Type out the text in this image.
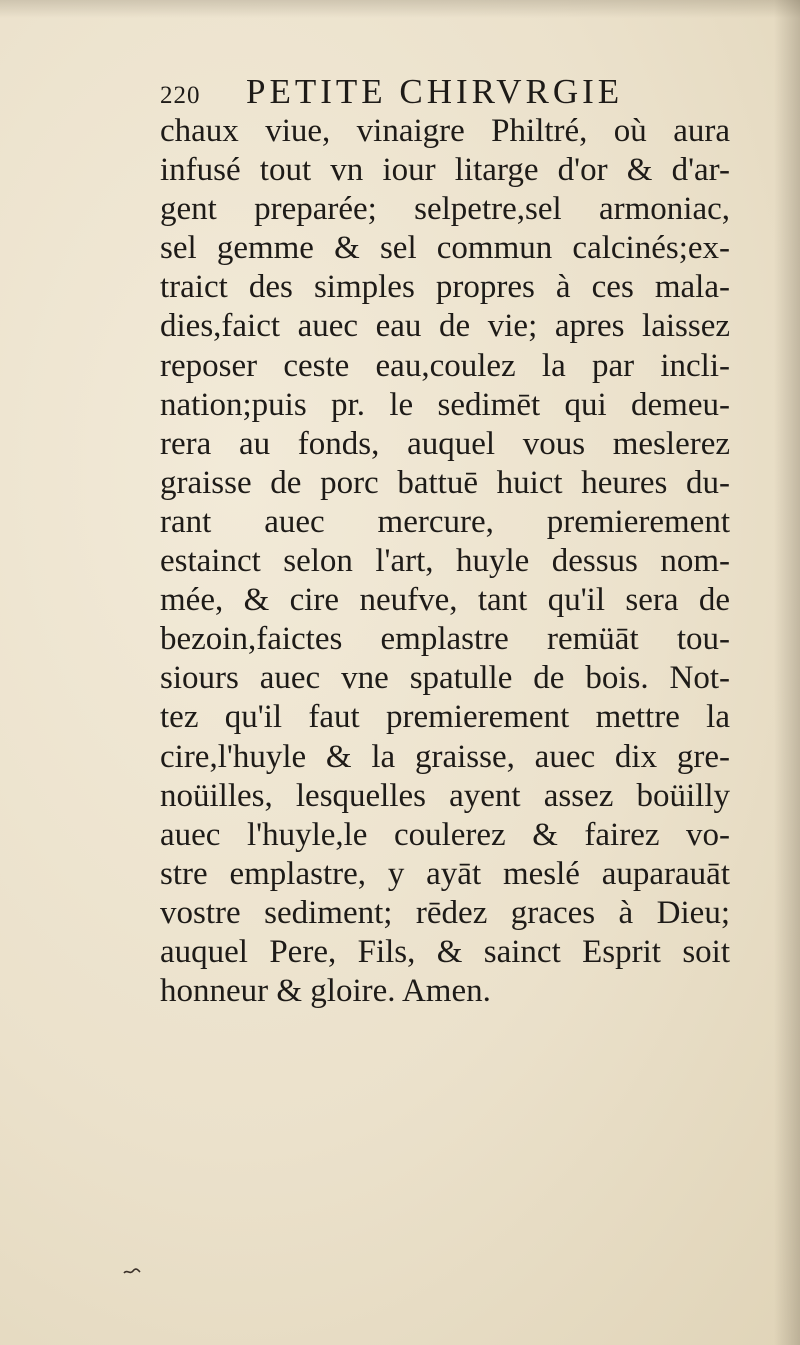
220 PETITE CHIRVRGIE
chaux viue, vinaigre Philtré, où aura
infusé tout vn iour litarge d'or & d'ar-
gent preparée; selpetre,sel armoniac,
sel gemme & sel commun calcinés;ex-
traict des simples propres à ces mala-
dies,faict auec eau de vie; apres laissez
reposer ceste eau,coulez la par incli-
nation;puis pr. le sedimēt qui demeu-
rera au fonds, auquel vous meslerez
graisse de porc battuē huict heures du-
rant auec mercure, premierement
estainct selon l'art, huyle dessus nom-
mée, & cire neufve, tant qu'il sera de
bezoin,faictes emplastre remüāt tou-
siours auec vne spatulle de bois. Not-
tez qu'il faut premierement mettre la
cire,l'huyle & la graisse, auec dix gre-
noüilles, lesquelles ayent assez boüilly
auec l'huyle,le coulerez & fairez vo-
stre emplastre, y ayāt meslé auparauāt
vostre sediment; rēdez graces à Dieu;
auquel Pere, Fils, & sainct Esprit soit
honneur & gloire. Amen.
